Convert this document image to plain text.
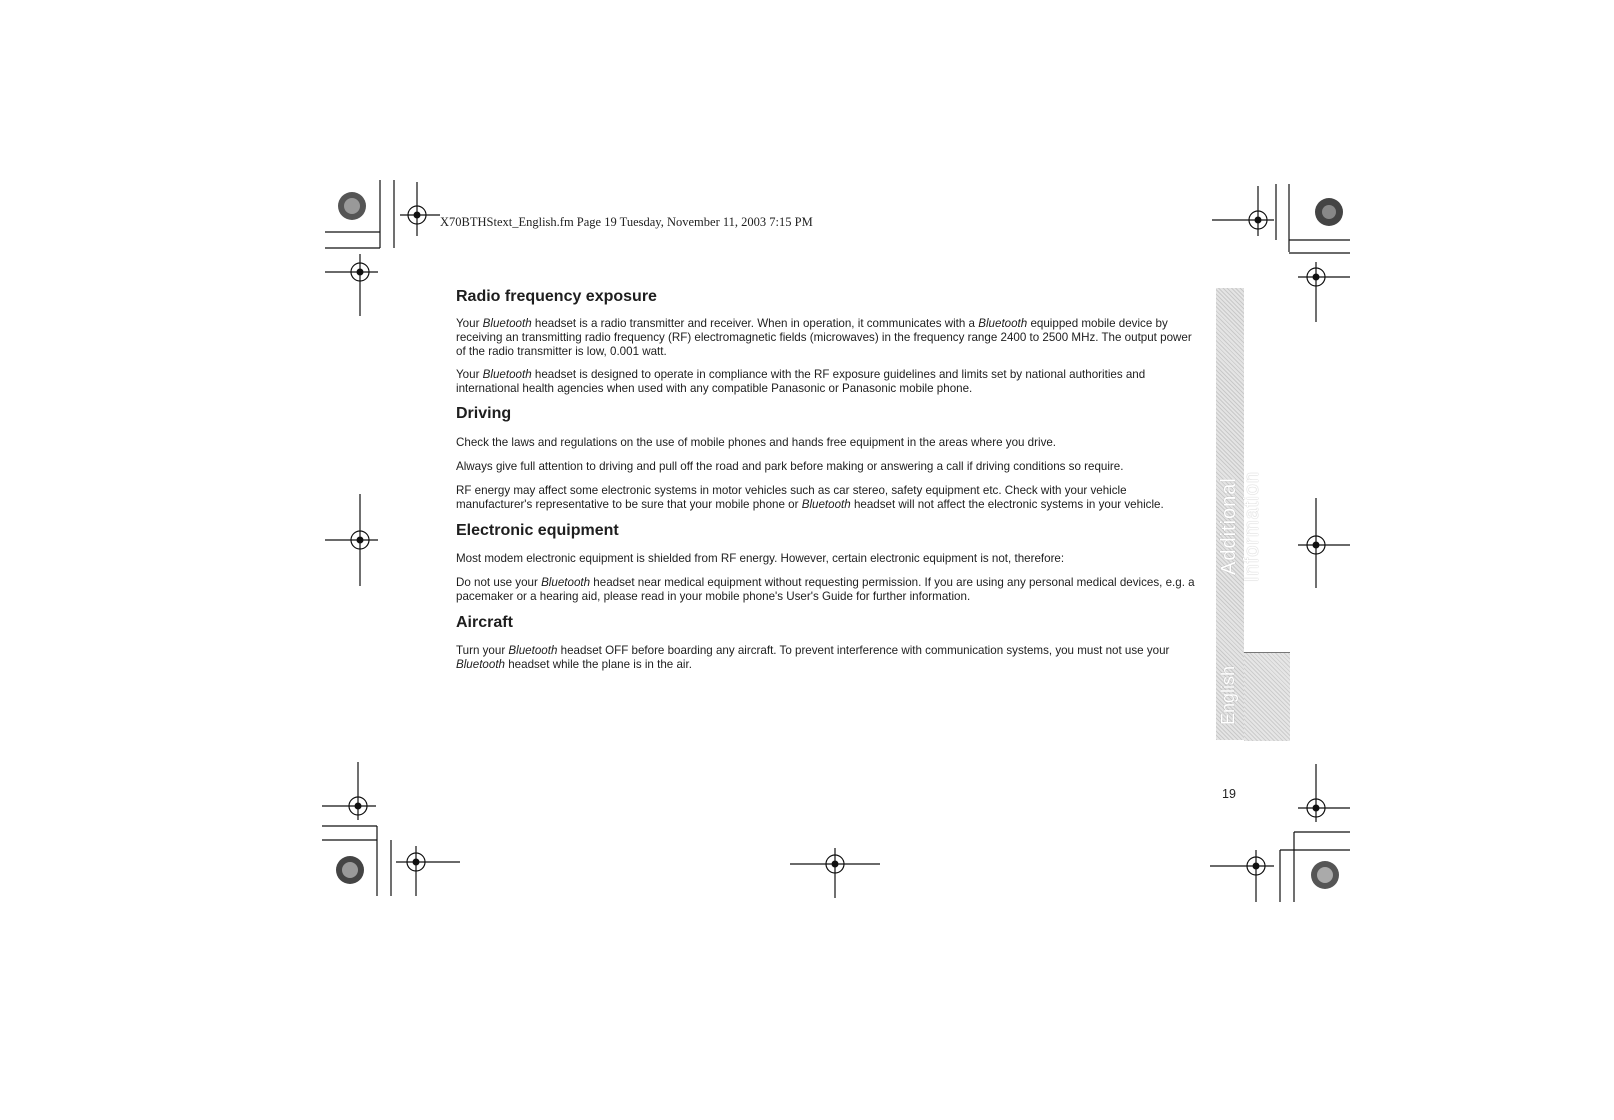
X70BTHStext_English.fm Page 19 Tuesday, November 11, 2003 7:15 PM
Radio frequency exposure

Your Bluetooth headset is a radio transmitter and receiver. When in operation, it communicates with a Bluetooth equipped mobile device by receiving an transmitting radio frequency (RF) electromagnetic fields (microwaves) in the frequency range 2400 to 2500 MHz. The output power of the radio transmitter is low, 0.001 watt.

Your Bluetooth headset is designed to operate in compliance with the RF exposure guidelines and limits set by national authorities and international health agencies when used with any compatible Panasonic or Panasonic mobile phone.

Driving

Check the laws and regulations on the use of mobile phones and hands free equipment in the areas where you drive.

Always give full attention to driving and pull off the road and park before making or answering a call if driving conditions so require.

RF energy may affect some electronic systems in motor vehicles such as car stereo, safety equipment etc. Check with your vehicle manufacturer's representative to be sure that your mobile phone or Bluetooth headset will not affect the electronic systems in your vehicle.

Electronic equipment

Most modem electronic equipment is shielded from RF energy. However, certain electronic equipment is not, therefore:

Do not use your Bluetooth headset near medical equipment without requesting permission. If you are using any personal medical devices, e.g. a pacemaker or a hearing aid, please read in your mobile phone's User's Guide for further information.

Aircraft

Turn your Bluetooth headset OFF before boarding any aircraft. To prevent interference with communication systems, you must not use your Bluetooth headset while the plane is in the air.

Additional Information
English
19
